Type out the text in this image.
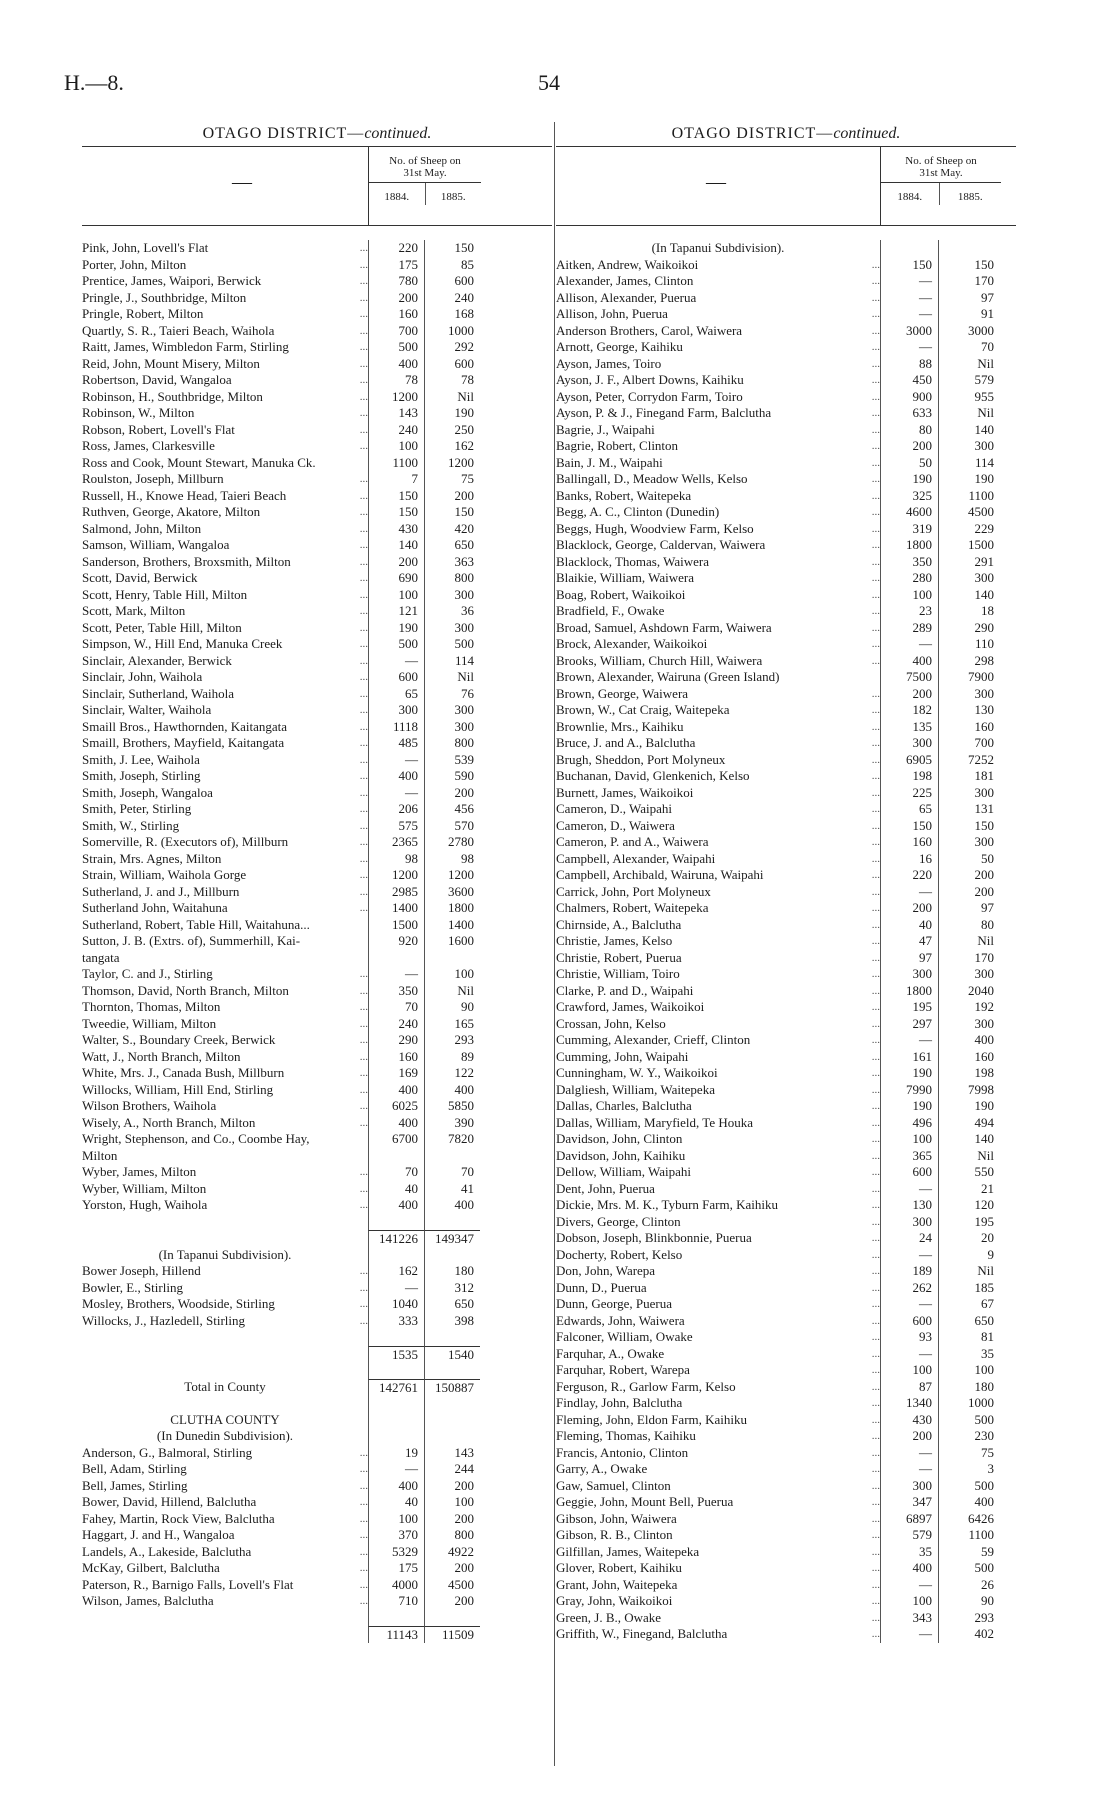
H.—8.	54
OTAGO DISTRICT—continued.
—
No. of Sheep on
31st May.
1884.	1885.
Pink, John, Lovell's Flat	...	220	150
Porter, John, Milton	...	175	85
Prentice, James, Waipori, Berwick	...	780	600
Pringle, J., Southbridge, Milton	...	200	240
Pringle, Robert, Milton	...	160	168
Quartly, S. R., Taieri Beach, Waihola	...	700	1000
Raitt, James, Wimbledon Farm, Stirling	...	500	292
Reid, John, Mount Misery, Milton	...	400	600
Robertson, David, Wangaloa	...	78	78
Robinson, H., Southbridge, Milton	...	1200	Nil
Robinson, W., Milton	...	143	190
Robson, Robert, Lovell's Flat	...	240	250
Ross, James, Clarkesville	...	100	162
Ross and Cook, Mount Stewart, Manuka Ck.	1100	1200
Roulston, Joseph, Millburn	...	7	75
Russell, H., Knowe Head, Taieri Beach	...	150	200
Ruthven, George, Akatore, Milton	...	150	150
Salmond, John, Milton	...	430	420
Samson, William, Wangaloa	...	140	650
Sanderson, Brothers, Broxsmith, Milton	...	200	363
Scott, David, Berwick	...	690	800
Scott, Henry, Table Hill, Milton	...	100	300
Scott, Mark, Milton	...	121	36
Scott, Peter, Table Hill, Milton	...	190	300
Simpson, W., Hill End, Manuka Creek	...	500	500
Sinclair, Alexander, Berwick	...	—	114
Sinclair, John, Waihola	...	600	Nil
Sinclair, Sutherland, Waihola	...	65	76
Sinclair, Walter, Waihola	...	300	300
Smaill Bros., Hawthornden, Kaitangata	...	1118	300
Smaill, Brothers, Mayfield, Kaitangata	...	485	800
Smith, J. Lee, Waihola	...	—	539
Smith, Joseph, Stirling	...	400	590
Smith, Joseph, Wangaloa	...	—	200
Smith, Peter, Stirling	...	206	456
Smith, W., Stirling	...	575	570
Somerville, R. (Executors of), Millburn	...	2365	2780
Strain, Mrs. Agnes, Milton	...	98	98
Strain, William, Waihola Gorge	...	1200	1200
Sutherland, J. and J., Millburn	...	2985	3600
Sutherland John, Waitahuna	...	1400	1800
Sutherland, Robert, Table Hill, Waitahuna...	1500	1400
Sutton, J. B. (Extrs. of), Summerhill, Kai-	920	1600
tangata
Taylor, C. and J., Stirling	...	—	100
Thomson, David, North Branch, Milton	...	350	Nil
Thornton, Thomas, Milton	...	70	90
Tweedie, William, Milton	...	240	165
Walter, S., Boundary Creek, Berwick	...	290	293
Watt, J., North Branch, Milton	...	160	89
White, Mrs. J., Canada Bush, Millburn	...	169	122
Willocks, William, Hill End, Stirling	...	400	400
Wilson Brothers, Waihola	...	6025	5850
Wisely, A., North Branch, Milton	...	400	390
Wright, Stephenson, and Co., Coombe Hay,	6700	7820
Milton
Wyber, James, Milton	...	70	70
Wyber, William, Milton	...	40	41
Yorston, Hugh, Waihola	...	400	400
141226	149347
(In Tapanui Subdivision).
Bower Joseph, Hillend	...	162	180
Bowler, E., Stirling	...	—	312
Mosley, Brothers, Woodside, Stirling	...	1040	650
Willocks, J., Hazledell, Stirling	...	333	398
1535	1540
Total in County	142761	150887
CLUTHA COUNTY
(In Dunedin Subdivision).
Anderson, G., Balmoral, Stirling	...	19	143
Bell, Adam, Stirling	...	—	244
Bell, James, Stirling	...	400	200
Bower, David, Hillend, Balclutha	...	40	100
Fahey, Martin, Rock View, Balclutha	...	100	200
Haggart, J. and H., Wangaloa	...	370	800
Landels, A., Lakeside, Balclutha	...	5329	4922
McKay, Gilbert, Balclutha	...	175	200
Paterson, R., Barnigo Falls, Lovell's Flat	...	4000	4500
Wilson, James, Balclutha	...	710	200
11143	11509
OTAGO DISTRICT—continued.
—
No. of Sheep on
31st May.
1884.	1885.
(In Tapanui Subdivision).
Aitken, Andrew, Waikoikoi	...	150	150
Alexander, James, Clinton	...	—	170
Allison, Alexander, Puerua	...	—	97
Allison, John, Puerua	...	—	91
Anderson Brothers, Carol, Waiwera	...	3000	3000
Arnott, George, Kaihiku	...	—	70
Ayson, James, Toiro	...	88	Nil
Ayson, J. F., Albert Downs, Kaihiku	...	450	579
Ayson, Peter, Corrydon Farm, Toiro	...	900	955
Ayson, P. & J., Finegand Farm, Balclutha	...	633	Nil
Bagrie, J., Waipahi	...	80	140
Bagrie, Robert, Clinton	...	200	300
Bain, J. M., Waipahi	...	50	114
Ballingall, D., Meadow Wells, Kelso	...	190	190
Banks, Robert, Waitepeka	...	325	1100
Begg, A. C., Clinton (Dunedin)	...	4600	4500
Beggs, Hugh, Woodview Farm, Kelso	...	319	229
Blacklock, George, Caldervan, Waiwera	...	1800	1500
Blacklock, Thomas, Waiwera	...	350	291
Blaikie, William, Waiwera	...	280	300
Boag, Robert, Waikoikoi	...	100	140
Bradfield, F., Owake	...	23	18
Broad, Samuel, Ashdown Farm, Waiwera	...	289	290
Brock, Alexander, Waikoikoi	...	—	110
Brooks, William, Church Hill, Waiwera	...	400	298
Brown, Alexander, Wairuna (Green Island)	7500	7900
Brown, George, Waiwera	...	200	300
Brown, W., Cat Craig, Waitepeka	...	182	130
Brownlie, Mrs., Kaihiku	...	135	160
Bruce, J. and A., Balclutha	...	300	700
Brugh, Sheddon, Port Molyneux	...	6905	7252
Buchanan, David, Glenkenich, Kelso	...	198	181
Burnett, James, Waikoikoi	...	225	300
Cameron, D., Waipahi	...	65	131
Cameron, D., Waiwera	...	150	150
Cameron, P. and A., Waiwera	...	160	300
Campbell, Alexander, Waipahi	...	16	50
Campbell, Archibald, Wairuna, Waipahi	...	220	200
Carrick, John, Port Molyneux	...	—	200
Chalmers, Robert, Waitepeka	...	200	97
Chirnside, A., Balclutha	...	40	80
Christie, James, Kelso	...	47	Nil
Christie, Robert, Puerua	...	97	170
Christie, William, Toiro	...	300	300
Clarke, P. and D., Waipahi	...	1800	2040
Crawford, James, Waikoikoi	...	195	192
Crossan, John, Kelso	...	297	300
Cumming, Alexander, Crieff, Clinton	...	—	400
Cumming, John, Waipahi	...	161	160
Cunningham, W. Y., Waikoikoi	...	190	198
Dalgliesh, William, Waitepeka	...	7990	7998
Dallas, Charles, Balclutha	...	190	190
Dallas, William, Maryfield, Te Houka	...	496	494
Davidson, John, Clinton	...	100	140
Davidson, John, Kaihiku	...	365	Nil
Dellow, William, Waipahi	...	600	550
Dent, John, Puerua	...	—	21
Dickie, Mrs. M. K., Tyburn Farm, Kaihiku	...	130	120
Divers, George, Clinton	...	300	195
Dobson, Joseph, Blinkbonnie, Puerua	...	24	20
Docherty, Robert, Kelso	...	—	9
Don, John, Warepa	...	189	Nil
Dunn, D., Puerua	...	262	185
Dunn, George, Puerua	...	—	67
Edwards, John, Waiwera	...	600	650
Falconer, William, Owake	...	93	81
Farquhar, A., Owake	...	—	35
Farquhar, Robert, Warepa	...	100	100
Ferguson, R., Garlow Farm, Kelso	...	87	180
Findlay, John, Balclutha	...	1340	1000
Fleming, John, Eldon Farm, Kaihiku	...	430	500
Fleming, Thomas, Kaihiku	...	200	230
Francis, Antonio, Clinton	...	—	75
Garry, A., Owake	...	—	3
Gaw, Samuel, Clinton	...	300	500
Geggie, John, Mount Bell, Puerua	...	347	400
Gibson, John, Waiwera	...	6897	6426
Gibson, R. B., Clinton	...	579	1100
Gilfillan, James, Waitepeka	...	35	59
Glover, Robert, Kaihiku	...	400	500
Grant, John, Waitepeka	...	—	26
Gray, John, Waikoikoi	...	100	90
Green, J. B., Owake	...	343	293
Griffith, W., Finegand, Balclutha	...	—	402
